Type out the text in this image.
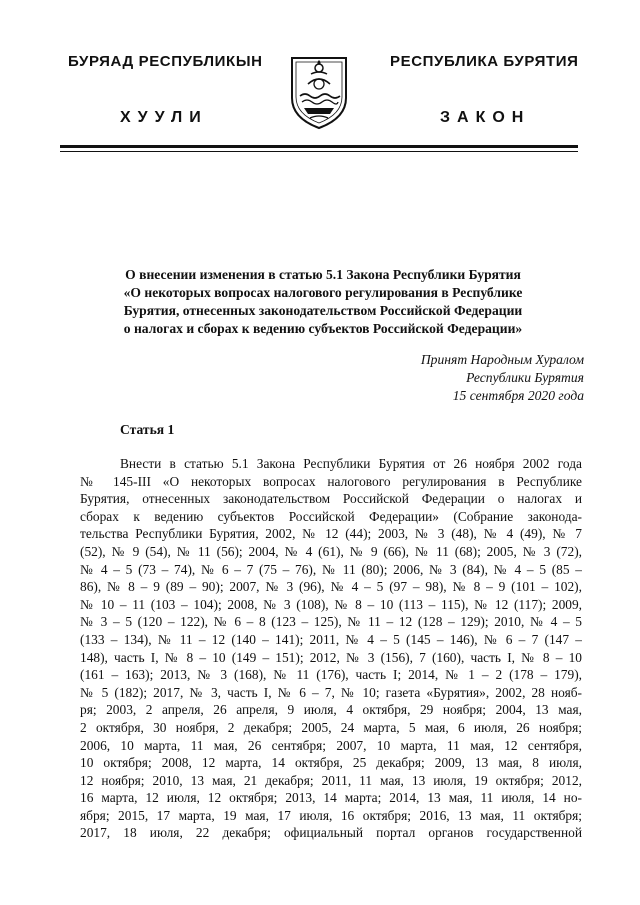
БУРЯАД РЕСПУБЛИКЫН	РЕСПУБЛИКА БУРЯТИЯ
ХУУЛИ	ЗАКОН
О внесении изменения в статью 5.1 Закона Республики Бурятия
«О некоторых вопросах налогового регулирования в Республике
Бурятия, отнесенных законодательством Российской Федерации
о налогах и сборах к ведению субъектов Российской Федерации»
Принят Народным Хуралом
Республики Бурятия
15 сентября 2020 года
Статья 1
Внести в статью 5.1 Закона Республики Бурятия от 26 ноября 2002 года
№ 145-III «О некоторых вопросах налогового регулирования в Республике
Бурятия, отнесенных законодательством Российской Федерации о налогах и
сборах к ведению субъектов Российской Федерации» (Собрание законода-
тельства Республики Бурятия, 2002, № 12 (44); 2003, № 3 (48), № 4 (49), № 7
(52), № 9 (54), № 11 (56); 2004, № 4 (61), № 9 (66), № 11 (68); 2005, № 3 (72),
№ 4 – 5 (73 – 74), № 6 – 7 (75 – 76), № 11 (80); 2006, № 3 (84), № 4 – 5 (85 –
86), № 8 – 9 (89 – 90); 2007, № 3 (96), № 4 – 5 (97 – 98), № 8 – 9 (101 – 102),
№ 10 – 11 (103 – 104); 2008, № 3 (108), № 8 – 10 (113 – 115), № 12 (117); 2009,
№ 3 – 5 (120 – 122), № 6 – 8 (123 – 125), № 11 – 12 (128 – 129); 2010, № 4 – 5
(133 – 134), № 11 – 12 (140 – 141); 2011, № 4 – 5 (145 – 146), № 6 – 7 (147 –
148), часть I, № 8 – 10 (149 – 151); 2012, № 3 (156), 7 (160), часть I, № 8 – 10
(161 – 163); 2013, № 3 (168), № 11 (176), часть I; 2014, № 1 – 2 (178 – 179),
№ 5 (182); 2017, № 3, часть I, № 6 – 7, № 10; газета «Бурятия», 2002, 28 нояб-
ря; 2003, 2 апреля, 26 апреля, 9 июля, 4 октября, 29 ноября; 2004, 13 мая,
2 октября, 30 ноября, 2 декабря; 2005, 24 марта, 5 мая, 6 июля, 26 ноября;
2006, 10 марта, 11 мая, 26 сентября; 2007, 10 марта, 11 мая, 12 сентября,
10 октября; 2008, 12 марта, 14 октября, 25 декабря; 2009, 13 мая, 8 июля,
12 ноября; 2010, 13 мая, 21 декабря; 2011, 11 мая, 13 июля, 19 октября; 2012,
16 марта, 12 июля, 12 октября; 2013, 14 марта; 2014, 13 мая, 11 июля, 14 но-
ября; 2015, 17 марта, 19 мая, 17 июля, 16 октября; 2016, 13 мая, 11 октября;
2017, 18 июля, 22 декабря; официальный портал органов государственной
